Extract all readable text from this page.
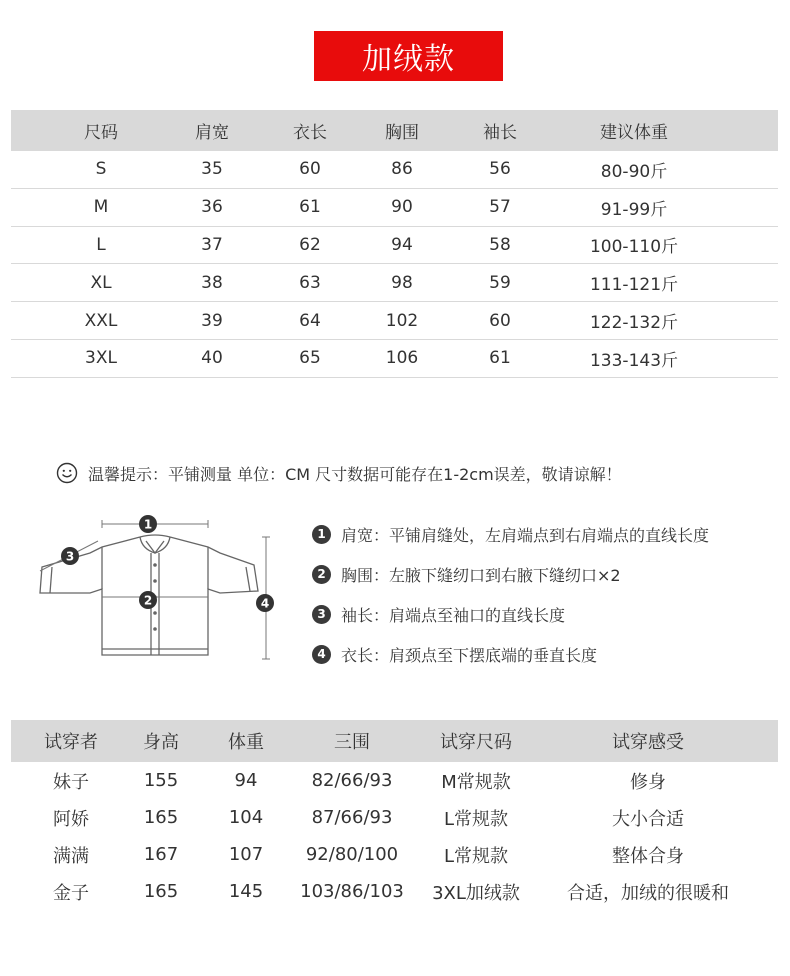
加绒款
尺码	肩宽	衣长	胸围	袖长	建议体重
S	35	60	86	56	80-90斤
M	36	61	90	57	91-99斤
L	37	62	94	58	100-110斤
XL	38	63	98	59	111-121斤
XXL	39	64	102	60	122-132斤
3XL	40	65	106	61	133-143斤
温馨提示：平铺测量 单位：CM 尺寸数据可能存在1-2cm误差，敬请谅解！
1
2
3
4
1 肩宽：平铺肩缝处，左肩端点到右肩端点的直线长度
2 胸围：左腋下缝纫口到右腋下缝纫口×2
3 袖长：肩端点至袖口的直线长度
4 衣长：肩颈点至下摆底端的垂直长度
试穿者	身高	体重	三围	试穿尺码	试穿感受
妹子	155	94	82/66/93	M常规款	修身
阿娇	165	104	87/66/93	L常规款	大小合适
满满	167	107	92/80/100	L常规款	整体合身
金子	165	145	103/86/103	3XL加绒款	合适，加绒的很暖和
